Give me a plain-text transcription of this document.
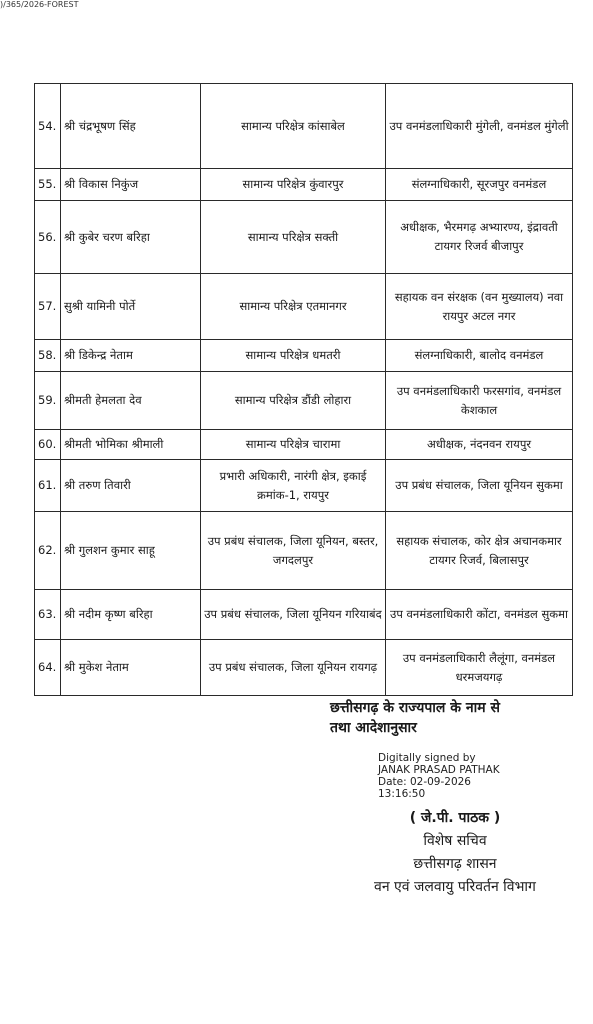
)/365/2026-FOREST
54.	श्री चंद्रभूषण सिंह	सामान्य परिक्षेत्र कांसाबेल	उप वनमंडलाधिकारी मुंगेली, वनमंडल मुंगेली
55.	श्री विकास निकुंज	सामान्य परिक्षेत्र कुंवारपुर	संलग्नाधिकारी, सूरजपुर वनमंडल
56.	श्री कुबेर चरण बरिहा	सामान्य परिक्षेत्र सक्ती	अधीक्षक, भैरमगढ़ अभ्यारण्य, इंद्रावती टायगर रिजर्व बीजापुर
57.	सुश्री यामिनी पोर्ते	सामान्य परिक्षेत्र एतमानगर	सहायक वन संरक्षक (वन मुख्यालय) नवा रायपुर अटल नगर
58.	श्री डिकेन्द्र नेताम	सामान्य परिक्षेत्र धमतरी	संलग्नाधिकारी, बालोद वनमंडल
59.	श्रीमती हेमलता देव	सामान्य परिक्षेत्र डौंडी लोहारा	उप वनमंडलाधिकारी फरसगांव, वनमंडल केशकाल
60.	श्रीमती भोमिका श्रीमाली	सामान्य परिक्षेत्र चारामा	अधीक्षक, नंदनवन रायपुर
61.	श्री तरुण तिवारी	प्रभारी अधिकारी, नारंगी क्षेत्र, इकाई क्रमांक-1, रायपुर	उप प्रबंध संचालक, जिला यूनियन सुकमा
62.	श्री गुलशन कुमार साहू	उप प्रबंध संचालक, जिला यूनियन, बस्तर, जगदलपुर	सहायक संचालक, कोर क्षेत्र अचानकमार टायगर रिजर्व, बिलासपुर
63.	श्री नदीम कृष्ण बरिहा	उप प्रबंध संचालक, जिला यूनियन गरियाबंद	उप वनमंडलाधिकारी कोंटा, वनमंडल सुकमा
64.	श्री मुकेश नेताम	उप प्रबंध संचालक, जिला यूनियन रायगढ़	उप वनमंडलाधिकारी लैलूंगा, वनमंडल धरमजयगढ़
छत्तीसगढ़ के राज्यपाल के नाम से
तथा आदेशानुसार
Digitally signed by
JANAK PRASAD PATHAK
Date: 02-09-2026
13:16:50
( जे.पी. पाठक )
विशेष सचिव
छत्तीसगढ़ शासन
वन एवं जलवायु परिवर्तन विभाग
